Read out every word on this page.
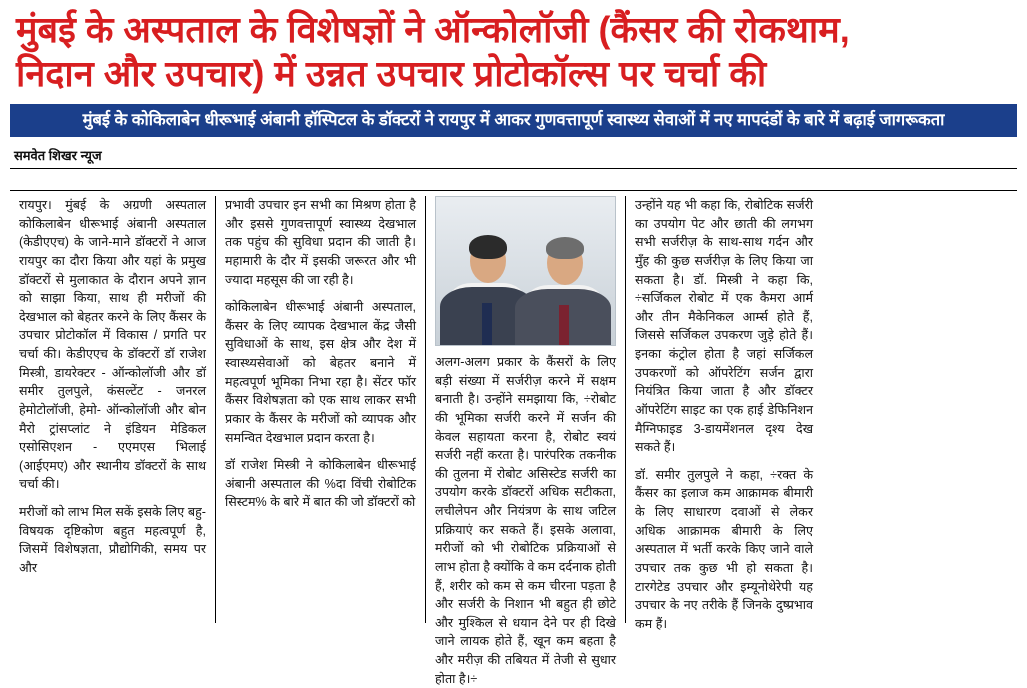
मुंबई के अस्पताल के विशेषज्ञों ने ऑन्कोलॉजी (कैंसर की रोकथाम,
निदान और उपचार) में उन्नत उपचार प्रोटोकॉल्स पर चर्चा की
मुंबई के कोकिलाबेन धीरूभाई अंबानी हॉस्पिटल के डॉक्टरों ने रायपुर में आकर गुणवत्तापूर्ण स्वास्थ्य सेवाओं में नए मापदंडों के बारे में बढ़ाई जागरूकता
समवेत शिखर न्यूज

रायपुर। मुंबई के अग्रणी अस्पताल कोकिलाबेन धीरूभाई अंबानी अस्पताल (केडीएएच) के जाने-माने डॉक्टरों ने आज रायपुर का दौरा किया और यहां के प्रमुख डॉक्टरों से मुलाकात के दौरान अपने ज्ञान को साझा किया, साथ ही मरीजों की देखभाल को बेहतर करने के लिए कैंसर के उपचार प्रोटोकॉल में विकास / प्रगति पर चर्चा की। केडीएएच के डॉक्टरों डॉ राजेश मिस्त्री, डायरेक्टर - ऑन्कोलॉजी और डॉ समीर तुलपुले, कंसल्टेंट - जनरल हेमोटोलॉजी, हेमो- ऑन्कोलॉजी और बोन मैरो ट्रांसप्लांट ने इंडियन मेडिकल एसोसिएशन - एएमएस भिलाई (आईएमए) और स्थानीय डॉक्टरों के साथ चर्चा की।

मरीजों को लाभ मिल सकें इसके लिए बहु-विषयक दृष्टिकोण बहुत महत्वपूर्ण है, जिसमें विशेषज्ञता, प्रौद्योगिकी, समय पर और

प्रभावी उपचार इन सभी का मिश्रण होता है और इससे गुणवत्तापूर्ण स्वास्थ्य देखभाल तक पहुंच की सुविधा प्रदान की जाती है। महामारी के दौर में इसकी जरूरत और भी ज्यादा महसूस की जा रही है।

कोकिलाबेन धीरूभाई अंबानी अस्पताल, कैंसर के लिए व्यापक देखभाल केंद्र जैसी सुविधाओं के साथ, इस क्षेत्र और देश में स्वास्थ्यसेवाओं को बेहतर बनाने में महत्वपूर्ण भूमिका निभा रहा है। सेंटर फॉर कैंसर विशेषज्ञता को एक साथ लाकर सभी प्रकार के कैंसर के मरीजों को व्यापक और समन्वित देखभाल प्रदान करता है।

डॉ राजेश मिस्त्री ने कोकिलाबेन धीरूभाई अंबानी अस्पताल की %दा विंची रोबोटिक सिस्टम% के बारे में बात की जो डॉक्टरों को

अलग-अलग प्रकार के कैंसरों के लिए बड़ी संख्या में सर्जरीज़ करने में सक्षम बनाती है। उन्होंने समझाया कि, ÷रोबोट की भूमिका सर्जरी करने में सर्जन की केवल सहायता करना है, रोबोट स्वयं सर्जरी नहीं करता है। पारंपरिक तकनीक की तुलना में रोबोट असिस्टेड सर्जरी का उपयोग करके डॉक्टरों अधिक सटीकता, लचीलेपन और नियंत्रण के साथ जटिल प्रक्रियाएं कर सकते हैं। इसके अलावा, मरीजों को भी रोबोटिक प्रक्रियाओं से लाभ होता है क्योंकि वे कम दर्दनाक होती हैं, शरीर को कम से कम चीरना पड़ता है और सर्जरी के निशान भी बहुत ही छोटे और मुश्किल से धयान देने पर ही दिखे जाने लायक होते हैं, खून कम बहता है और मरीज़ की तबियत में तेजी से सुधार होता है।÷

उन्होंने यह भी कहा कि, रोबोटिक सर्जरी का उपयोग पेट और छाती की लगभग सभी सर्जरीज़ के साथ-साथ गर्दन और मुँह की कुछ सर्जरीज़ के लिए किया जा सकता है। डॉ. मिस्त्री ने कहा कि, ÷सर्जिकल रोबोट में एक कैमरा आर्म और तीन मैकेनिकल आर्म्स होते हैं, जिससे सर्जिकल उपकरण जुड़े होते हैं। इनका कंट्रोल होता है जहां सर्जिकल उपकरणों को ऑपरेटिंग सर्जन द्वारा नियंत्रित किया जाता है और डॉक्टर ऑपरेटिंग साइट का एक हाई डेफिनिशन मैग्निफाइड 3-डायमेंशनल दृश्य देख सकते हैं।

डॉ. समीर तुलपुले ने कहा, ÷रक्त के कैंसर का इलाज कम आक्रामक बीमारी के लिए साधारण दवाओं से लेकर अधिक आक्रामक बीमारी के लिए अस्पताल में भर्ती करके किए जाने वाले उपचार तक कुछ भी हो सकता है। टारगेटेड उपचार और इम्यूनोथेरेपी यह उपचार के नए तरीके हैं जिनके दुष्प्रभाव कम हैं।
